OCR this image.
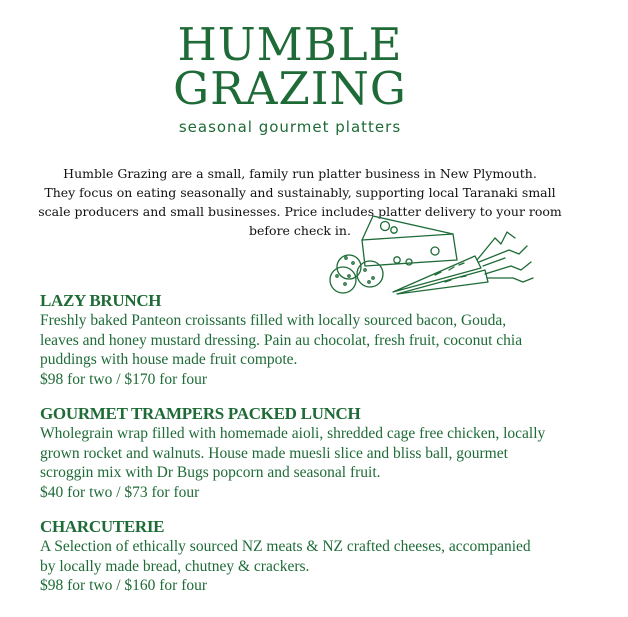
HUMBLE
GRAZING
seasonal gourmet platters
Humble Grazing are a small, family run platter business in New Plymouth.
They focus on eating seasonally and sustainably, supporting local Taranaki small
scale producers and small businesses. Price includes platter delivery to your room
before check in.
LAZY BRUNCH
Freshly baked Panteon croissants filled with locally sourced bacon, Gouda,
leaves and honey mustard dressing. Pain au chocolat, fresh fruit, coconut chia
puddings with house made fruit compote.
$98 for two / $170 for four
GOURMET TRAMPERS PACKED LUNCH
Wholegrain wrap filled with homemade aioli, shredded cage free chicken, locally
grown rocket and walnuts. House made muesli slice and bliss ball, gourmet
scroggin mix with Dr Bugs popcorn and seasonal fruit.
$40 for two / $73 for four
CHARCUTERIE
A Selection of ethically sourced NZ meats & NZ crafted cheeses, accompanied
by locally made bread, chutney & crackers.
$98 for two / $160 for four
